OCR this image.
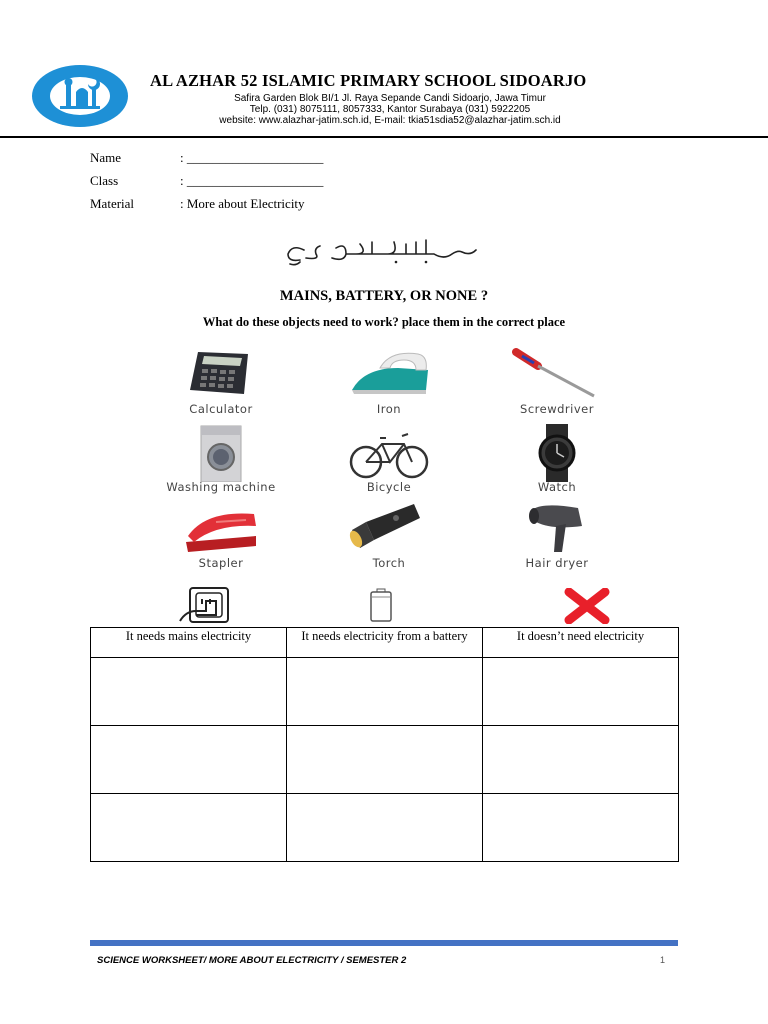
AL AZHAR 52 ISLAMIC PRIMARY SCHOOL SIDOARJO
Safira Garden Blok BI/1 Jl. Raya Sepande Candi Sidoarjo, Jawa Timur
Telp. (031) 8075111, 8057333, Kantor Surabaya (031) 5922205
website: www.alazhar-jatim.sch.id, E-mail: tkia51sdia52@alazhar-jatim.sch.id
Name	: _____________________
Class	: _____________________
Material	: More about Electricity
MAINS, BATTERY, OR NONE ?
What do these objects need to work? place them in the correct place
Calculator	Iron	Screwdriver
Washing machine	Bicycle	Watch
Stapler	Torch	Hair dryer
It needs mains electricity	It needs electricity from a battery	It doesn’t need electricity

SCIENCE WORKSHEET/ MORE ABOUT ELECTRICITY / SEMESTER 2	1
